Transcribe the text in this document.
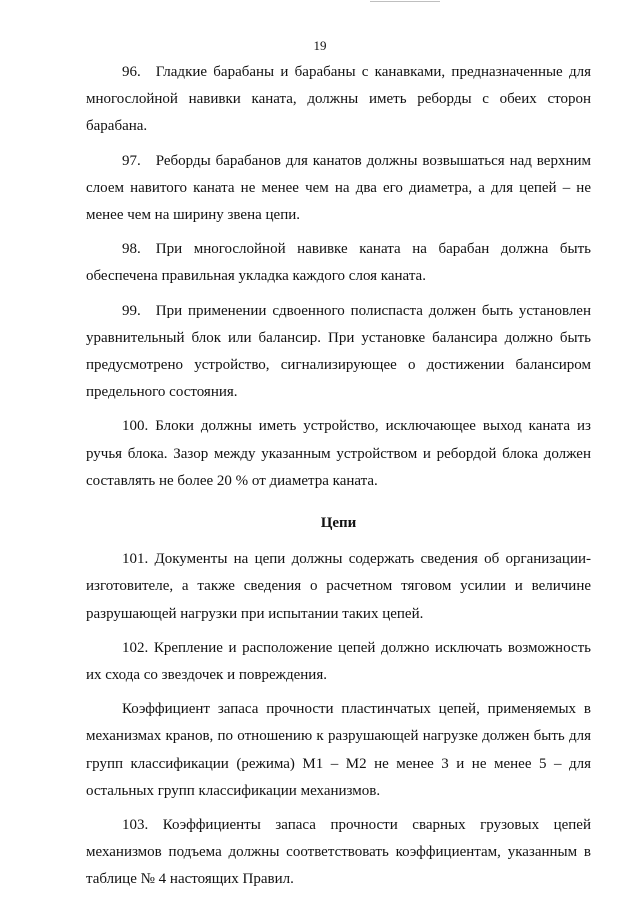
19

96. Гладкие барабаны и барабаны с канавками, предназначенные для многослойной навивки каната, должны иметь реборды с обеих сторон барабана.

97. Реборды барабанов для канатов должны возвышаться над верхним слоем навитого каната не менее чем на два его диаметра, а для цепей – не менее чем на ширину звена цепи.

98. При многослойной навивке каната на барабан должна быть обеспечена правильная укладка каждого слоя каната.

99. При применении сдвоенного полиспаста должен быть установлен уравнительный блок или балансир. При установке балансира должно быть предусмотрено устройство, сигнализирующее о достижении балансиром предельного состояния.

100. Блоки должны иметь устройство, исключающее выход каната из ручья блока. Зазор между указанным устройством и ребордой блока должен составлять не более 20 % от диаметра каната.

Цепи

101. Документы на цепи должны содержать сведения об организации-изготовителе, а также сведения о расчетном тяговом усилии и величине разрушающей нагрузки при испытании таких цепей.

102. Крепление и расположение цепей должно исключать возможность их схода со звездочек и повреждения.

Коэффициент запаса прочности пластинчатых цепей, применяемых в механизмах кранов, по отношению к разрушающей нагрузке должен быть для групп классификации (режима) М1 – М2 не менее 3 и не менее 5 – для остальных групп классификации механизмов.

103. Коэффициенты запаса прочности сварных грузовых цепей механизмов подъема должны соответствовать коэффициентам, указанным в таблице № 4 настоящих Правил.
